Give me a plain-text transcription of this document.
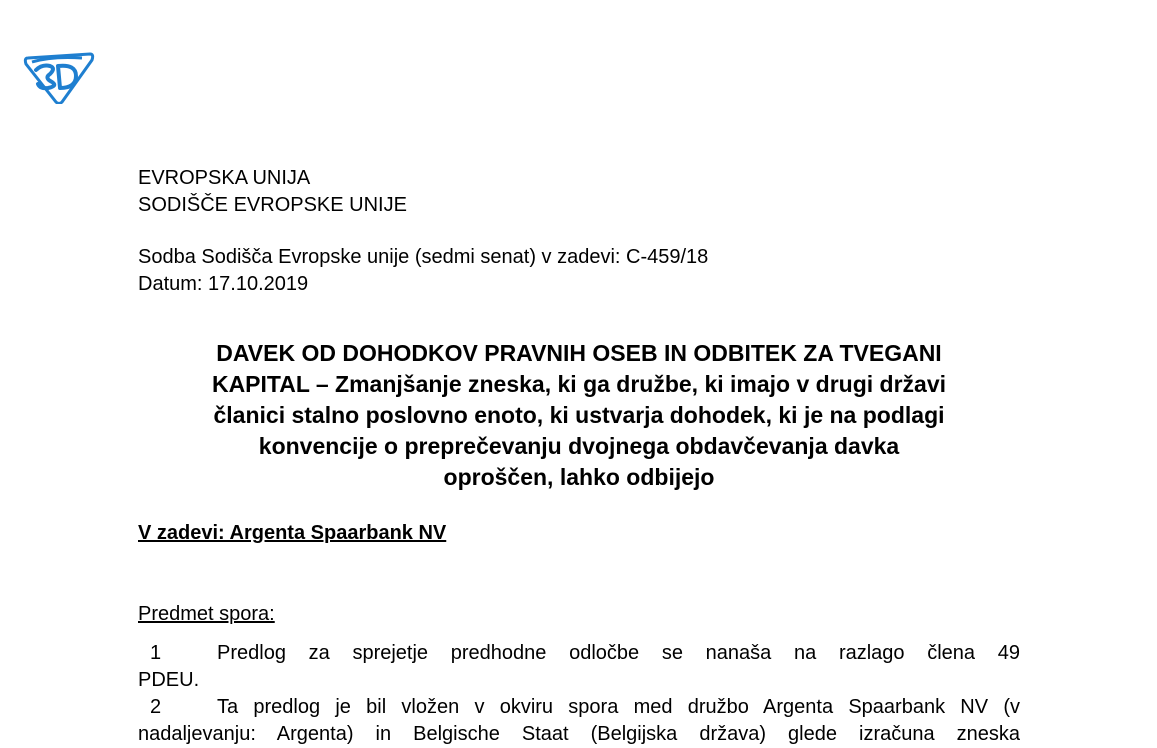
EVROPSKA UNIJA
SODIŠČE EVROPSKE UNIJE
Sodba Sodišča Evropske unije (sedmi senat) v zadevi: C-459/18
Datum: 17.10.2019
DAVEK OD DOHODKOV PRAVNIH OSEB IN ODBITEK ZA TVEGANI
KAPITAL – Zmanjšanje zneska, ki ga družbe, ki imajo v drugi državi
članici stalno poslovno enoto, ki ustvarja dohodek, ki je na podlagi
konvencije o preprečevanju dvojnega obdavčevanja davka
oproščen, lahko odbijejo
V zadevi: Argenta Spaarbank NV
Predmet spora:
1	Predlog za sprejetje predhodne odločbe se nanaša na razlago člena 49
PDEU.
2	Ta predlog je bil vložen v okviru spora med družbo Argenta Spaarbank NV (v
nadaljevanju: Argenta) in Belgische Staat (Belgijska država) glede izračuna zneska
